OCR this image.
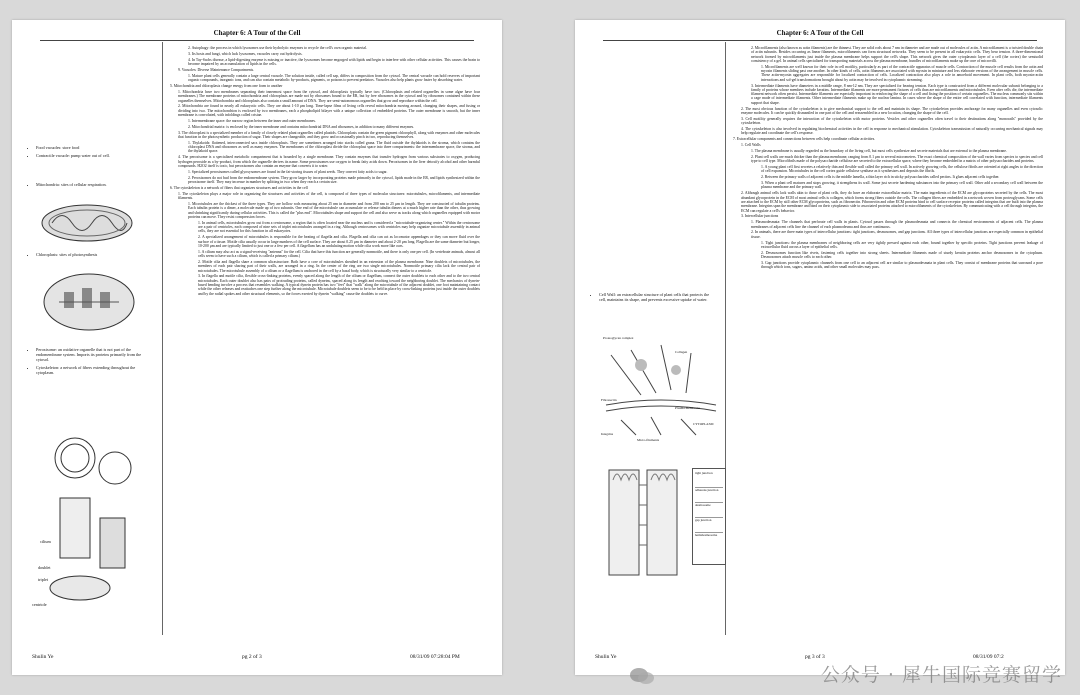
Chapter 6: A Tour of the Cell
• Food vacuoles: store food
• Contractile vacuole: pump water out of cell.
• Mitochondria: sites of cellular respiration.
• Chloroplasts: sites of photosynthesis
• Peroxisome: an oxidative organelle that is not part of the endomembrane system. Imports its proteins primarily from the cytosol.
• Cytoskeleton: a network of fibers extending throughout the cytoplasm.
cilium
doublet
triplet
centriole

2. Autophagy: the process in which lysosomes use their hydrolytic enzymes to recycle the cell's own organic material.

3. Its hosts and fungi, which lack lysosomes, vacuoles carry out hydrolysis.

4. In Tay-Sachs disease, a lipid-digesting enzyme is missing or inactive, the lysosomes become engorged with lipids and begin to interfere with other cellular activities. This causes the brain to become impaired by an accumulation of lipids in the cells.

9. Vacuoles: Diverse Maintenance Compartments.

1. Mature plant cells generally contain a large central vacuole. The solution inside, called cell sap, differs in composition from the cytosol. The central vacuole can hold reserves of important organic compounds, inorganic ions, and can also contain metabolic by-products, pigments, or poisons to prevent predators. Vacuoles also help plants grow faster by absorbing water.

5. Mitochondria and chloroplasts change energy from one form to another

1. Mitochondria have two membranes separating their innermost space from the cytosol, and chloroplasts typically have two. (Chloroplasts and related organelles in some algae have four membranes.) The membrane proteins of mitochondria and chloroplasts are made not by ribosomes bound to the ER, but by free ribosomes in the cytosol and by ribosomes contained within these organelles themselves. Mitochondria and chloroplasts also contain a small amount of DNA. They are semi-autonomous organelles that grow and reproduce within the cell.

2. Mitochondria are found in nearly all eukaryotic cells. They are about 1-10 μm long. Time-lapse films of living cells reveal mitochondria moving around, changing their shapes, and fusing or dividing into two. The mitochondrion is enclosed by two membranes, each a phospholipid bilayer with a unique collection of embedded proteins. The outer membrane is smooth, but the inner membrane is convoluted, with infoldings called cristae.

1. Intermembrane space: the narrow region between the inner and outer membranes.

2. Mitochondrial matrix: is enclosed by the inner membrane and contains mitochondrial DNA and ribosomes, in addition to many different enzymes.

3. The chloroplast is a specialized member of a family of closely related plant organelles called plastids. Chloroplasts contain the green pigment chlorophyll, along with enzymes and other molecules that function in the photosynthetic production of sugar. Their shapes are changeable, and they grow and occasionally pinch in two, reproducing themselves.

1. Thylakoids: flattened, interconnected sacs inside chloroplasts. They are sometimes arranged into stacks called grana. The fluid outside the thylakoids is the stroma, which contains the chloroplast DNA and ribosomes as well as many enzymes. The membranes of the chloroplast divide the chloroplast space into three compartments: the intermembrane space, the stroma, and the thylakoid space.

4. The peroxisome is a specialized metabolic compartment that is bounded by a single membrane. They contain enzymes that transfer hydrogen from various substrates to oxygen, producing hydrogen peroxide as a by-product, from which the organelle derives its name. Some peroxisomes use oxygen to break fatty acids down. Peroxisomes in the liver detoxify alcohol and other harmful compounds. H2O2 itself is toxic, but peroxisomes also contain an enzyme that converts it to water.

1. Specialized peroxisomes called glyoxysomes are found in the fat-storing tissues of plant seeds. They convert fatty acids to sugar.

2. Peroxisomes do not bud from the endomembrane system. They grow larger by incorporating proteins made primarily in the cytosol, lipids made in the ER, and lipids synthesized within the peroxisome itself. They may increase in number by splitting in two when they reach a certain size.

6. The cytoskeleton is a network of fibers that organizes structures and activities in the cell

1. The cytoskeleton plays a major role in organizing the structures and activities of the cell, is composed of three types of molecular structures: microtubules, microfilaments, and intermediate filaments.

1. Microtubules are the thickest of the three types. They are hollow rods measuring about 25 nm in diameter and from 200 nm to 25 μm in length. They are constructed of tubulin proteins. Each tubulin protein is a dimer, a molecule made up of two subunits. One end of the microtubule can accumulate or release tubulin dimers at a much higher rate than the other, thus growing and shrinking significantly during cellular activities. This is called the "plus end". Microtubules shape and support the cell and also serve as tracks along which organelles equipped with motor proteins can move. They resist compression forces.

1. In animal cells, microtubules grow out from a centrosome, a region that is often located near the nucleus and is considered a "microtubule-organizing center." Within the centrosome are a pair of centrioles, each composed of nine sets of triplet microtubules arranged in a ring. Although centrosomes with centrioles may help organize microtubule assembly in animal cells, they are not essential for this function in all eukaryotes.

2. A specialized arrangement of microtubules is responsible for the beating of flagella and cilia. Flagella and cilia can act as locomotor appendages or they can move fluid over the surface of a tissue. Motile cilia usually occur in large numbers of the cell surface. They are about 0.25 μm in diameter and about 2-20 μm long. Flagella are the same diameter but longer, 10-200 μm and are typically limited to just one or a few per cell. A flagellum has an undulating motion while cilia work more like oars.

1. A cilium may also act as a signal-receiving "antenna" for the cell. Cilia that have this function are generally nonmotile, and there is only one per cell. (In vertebrate animals, almost all cells seem to have such a cilium, which is called a primary cilium.)

2. Motile cilia and flagella share a common ultrastructure. Both have a core of microtubules sheathed in an extension of the plasma membrane. Nine doublets of microtubules, the members of each pair sharing part of their walls, are arranged in a ring. In the center of the ring are two single microtubules. Nonmotile primary cilia lack the central pair of microtubules. The microtubule assembly of a cilium or a flagellum is anchored in the cell by a basal body, which is structurally very similar to a centriole.

3. In flagella and motile cilia, flexible cross-linking proteins, evenly spaced along the length of the cilium or flagellum, connect the outer doublets to each other and to the two central microtubules. Each outer doublet also has pairs of protruding proteins, called dyneins, spaced along its length and reaching toward the neighboring doublet. The mechanics of dynein-based bending involve a process that resembles walking. A typical dynein protein has two "feet" that "walk" along the microtubule of the adjacent doublet, one foot maintaining contact while the other releases and reattaches one step further along the microtubule. Microtubule doublets seem to be to be held in place by cross-linking proteins just inside the outer doublets and by the radial spokes and other structural elements, so the forces exerted by dynein "walking" cause the doublets to curve.

Shulin Ye	pg 2 of 3	08/31/09 07:28:04 PM
Chapter 6: A Tour of the Cell
• Cell Wall: an extracellular structure of plant cells that protects the cell, maintains its shape, and prevents excessive uptake of water.
Proteoglycan complex
Collagen
Fibronectin
Plasma membrane
CYTOPLASM
Integrins
Micro-filaments
tight junction
adherens junction
desmosome
gap junction
hemidesmosome

2. Microfilaments (also known as actin filaments) are the thinnest. They are solid rods about 7 nm in diameter and are made out of molecules of actin. A microfilament is a twisted double chain of actin subunits. Besides occurring as linear filaments, microfilaments can form structural networks. They seem to be present in all eukaryotic cells. They bear tension. A three-dimensional network formed by microfilaments just inside the plasma membrane helps support the cell's shape. This network gives the outer cytoplasmic layer of a cell (the cortex) the semisolid consistency of a gel. In animal cells specialized for transporting materials across the plasma membrane, bundles of microfilaments make up the core of microvilli.

1. Microfilaments are well known for their role in cell motility, particularly as part of the contractile apparatus of muscle cells. Contraction of the muscle cell results from the actin and myosin filaments sliding past one another. In other kinds of cells, actin filaments are associated with myosin in miniature and less elaborate versions of the arrangement in muscle cells. These actin-myosin aggregates are responsible for localized contraction of cells. Localized contraction also plays a role in amoeboid movement. In plant cells, both myosin-actin interactions and sol-gel transformations brought about by actin may be involved in cytoplasmic streaming.

3. Intermediate filaments have diameters in a middle range, 8 nm-12 nm. They are specialized for bearing tension. Each type is constructed from a different molecular subunit belonging to a family of proteins whose members include keratins. Intermediate filaments are more permanent fixtures of cells than are microfilaments and microtubules. Even after cells die, the intermediate filament network often persist. Intermediate filaments are especially important in reinforcing the shape of a cell and fixing the position of certain organelles. The nucleus commonly sits within a cage made of intermediate filaments. Other intermediate filaments make up the nuclear lamina. In cases where the shape of the entire cell correlated with function, intermediate filaments support that shape.

2. The most obvious function of the cytoskeleton is to give mechanical support to the cell and maintain its shape. The cytoskeleton provides anchorage for many organelles and even cytosolic enzyme molecules. It can be quickly dismantled in one part of the cell and reassembled in a new location, changing the shape of the cell.

3. Cell motility generally requires the interaction of the cytoskeleton with motor proteins. Vesicles and other organelles often travel to their destinations along "monorails" provided by the cytoskeleton.

4. The cytoskeleton is also involved in regulating biochemical activities in the cell in response to mechanical stimulation. Cytoskeleton transmission of naturally occurring mechanical signals may help regulate and coordinate the cell's response.

7. Extracellular components and connections between cells help coordinate cellular activities.

1. Cell Walls

1. The plasma membrane is usually regarded as the boundary of the living cell, but most cells synthesize and secrete materials that are external to the plasma membrane.

2. Plant cell walls are much thicker than the plasma membrane, ranging from 0.1 μm to several micrometers. The exact chemical composition of the wall varies from species to species and cell type to cell type. Microfibrils made of the polysaccharide cellulose are secreted to the extracellular space, where they become embedded in a matrix of other polysaccharides and proteins.

1. A young plant cell first secretes a relatively thin and flexible wall called the primary cell wall. In actively growing cells, the cellulose fibrils are oriented at right angles to the direction of cell expansion. Microtubules in the cell cortex guide cellulose synthase as it synthesizes and deposits the fibrils.

2. Between the primary walls of adjacent cells is the middle lamella, a thin layer rich in sticky polysaccharides called pectins. It glues adjacent cells together.

3. When a plant cell matures and stops growing, it strengthens its wall. Some just secrete hardening substances into the primary cell wall. Other add a secondary cell wall between the plasma membrane and the primary wall.

2. Although animal cells lack walls akin to those of plant cells, they do have an elaborate extracellular matrix. The main ingredients of the ECM are glycoproteins secreted by the cells. The most abundant glycoprotein in the ECM of most animal cells is collagen, which forms strong fibers outside the cells. The collagen fibers are embedded in a network woven from proteoglycans. Some cells are attached to the ECM by still other ECM glycoproteins, such as fibronectin. Fibronectin and other ECM proteins bind to cell surface receptor proteins called integrins that are built into the plasma membrane. Integrins span the membrane and bind on their cytoplasmic side to associated proteins attached to microfilaments of the cytoskeleton. By communicating with a cell through integrins, the ECM can regulate a cell's behavior.

3. Intercellular junctions

1. Plasmodesmata: The channels that perforate cell walls in plants. Cytosol passes through the plasmodesmata and connects the chemical environments of adjacent cells. The plasma membranes of adjacent cells line the channel of each plasmodesma and thus are continuous.

2. In animals, there are three main types of intercellular junctions: tight junctions, desmosomes, and gap junctions. All three types of intercellular junctions are especially common in epithelial tissue.

1. Tight junctions: the plasma membranes of neighboring cells are very tightly pressed against each other, bound together by specific proteins. Tight junctions prevent leakage of extracellular fluid across a layer of epithelial cells.

2. Desmosomes function like rivets, fastening cells together into strong sheets. Intermediate filaments made of sturdy keratin proteins anchor desmosomes in the cytoplasm. Desmosomes attach muscle cells to each other.

3. Gap junctions provide cytoplasmic channels from one cell to an adjacent cell are similar to plasmodesmata in plant cells. They consist of membrane proteins that surround a pore through which ions, sugars, amino acids, and other small molecules may pass.

Shulin Ye	pg 3 of 3	08/31/09 07:2
公众号 · 犀牛国际竞赛留学
